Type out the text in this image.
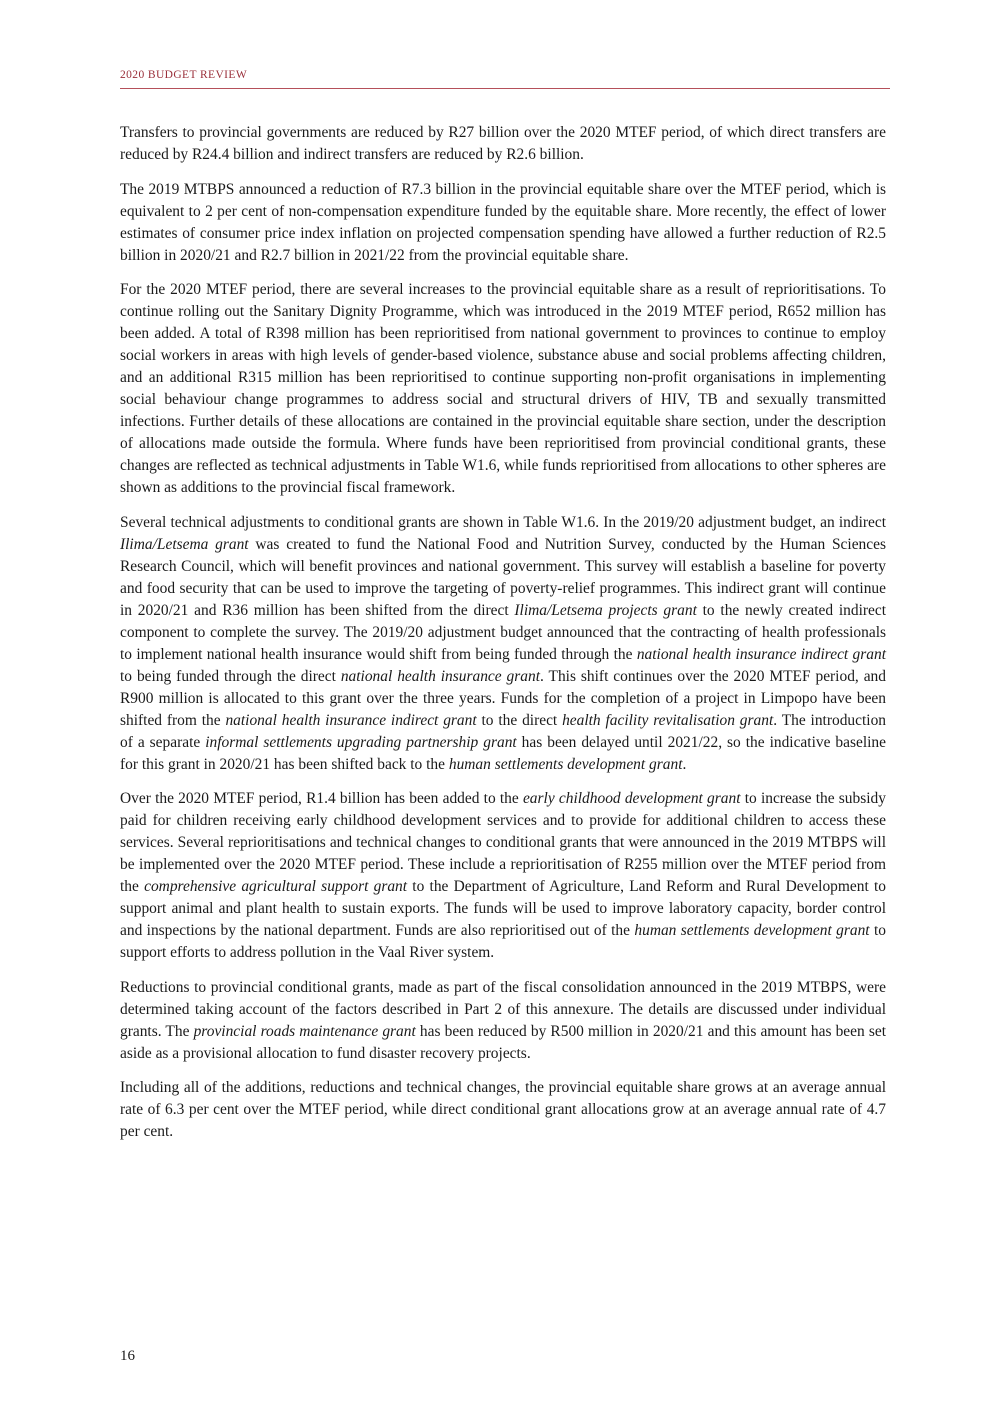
2020 BUDGET REVIEW

Transfers to provincial governments are reduced by R27 billion over the 2020 MTEF period, of which direct transfers are reduced by R24.4 billion and indirect transfers are reduced by R2.6 billion.

The 2019 MTBPS announced a reduction of R7.3 billion in the provincial equitable share over the MTEF period, which is equivalent to 2 per cent of non-compensation expenditure funded by the equitable share. More recently, the effect of lower estimates of consumer price index inflation on projected compensation spending have allowed a further reduction of R2.5 billion in 2020/21 and R2.7 billion in 2021/22 from the provincial equitable share.

For the 2020 MTEF period, there are several increases to the provincial equitable share as a result of reprioritisations. To continue rolling out the Sanitary Dignity Programme, which was introduced in the 2019 MTEF period, R652 million has been added. A total of R398 million has been reprioritised from national government to provinces to continue to employ social workers in areas with high levels of gender-based violence, substance abuse and social problems affecting children, and an additional R315 million has been reprioritised to continue supporting non-profit organisations in implementing social behaviour change programmes to address social and structural drivers of HIV, TB and sexually transmitted infections. Further details of these allocations are contained in the provincial equitable share section, under the description of allocations made outside the formula. Where funds have been reprioritised from provincial conditional grants, these changes are reflected as technical adjustments in Table W1.6, while funds reprioritised from allocations to other spheres are shown as additions to the provincial fiscal framework.

Several technical adjustments to conditional grants are shown in Table W1.6. In the 2019/20 adjustment budget, an indirect Ilima/Letsema grant was created to fund the National Food and Nutrition Survey, conducted by the Human Sciences Research Council, which will benefit provinces and national government. This survey will establish a baseline for poverty and food security that can be used to improve the targeting of poverty-relief programmes. This indirect grant will continue in 2020/21 and R36 million has been shifted from the direct Ilima/Letsema projects grant to the newly created indirect component to complete the survey. The 2019/20 adjustment budget announced that the contracting of health professionals to implement national health insurance would shift from being funded through the national health insurance indirect grant to being funded through the direct national health insurance grant. This shift continues over the 2020 MTEF period, and R900 million is allocated to this grant over the three years. Funds for the completion of a project in Limpopo have been shifted from the national health insurance indirect grant to the direct health facility revitalisation grant. The introduction of a separate informal settlements upgrading partnership grant has been delayed until 2021/22, so the indicative baseline for this grant in 2020/21 has been shifted back to the human settlements development grant.

Over the 2020 MTEF period, R1.4 billion has been added to the early childhood development grant to increase the subsidy paid for children receiving early childhood development services and to provide for additional children to access these services. Several reprioritisations and technical changes to conditional grants that were announced in the 2019 MTBPS will be implemented over the 2020 MTEF period. These include a reprioritisation of R255 million over the MTEF period from the comprehensive agricultural support grant to the Department of Agriculture, Land Reform and Rural Development to support animal and plant health to sustain exports. The funds will be used to improve laboratory capacity, border control and inspections by the national department. Funds are also reprioritised out of the human settlements development grant to support efforts to address pollution in the Vaal River system.

Reductions to provincial conditional grants, made as part of the fiscal consolidation announced in the 2019 MTBPS, were determined taking account of the factors described in Part 2 of this annexure. The details are discussed under individual grants. The provincial roads maintenance grant has been reduced by R500 million in 2020/21 and this amount has been set aside as a provisional allocation to fund disaster recovery projects.

Including all of the additions, reductions and technical changes, the provincial equitable share grows at an average annual rate of 6.3 per cent over the MTEF period, while direct conditional grant allocations grow at an average annual rate of 4.7 per cent.

16
